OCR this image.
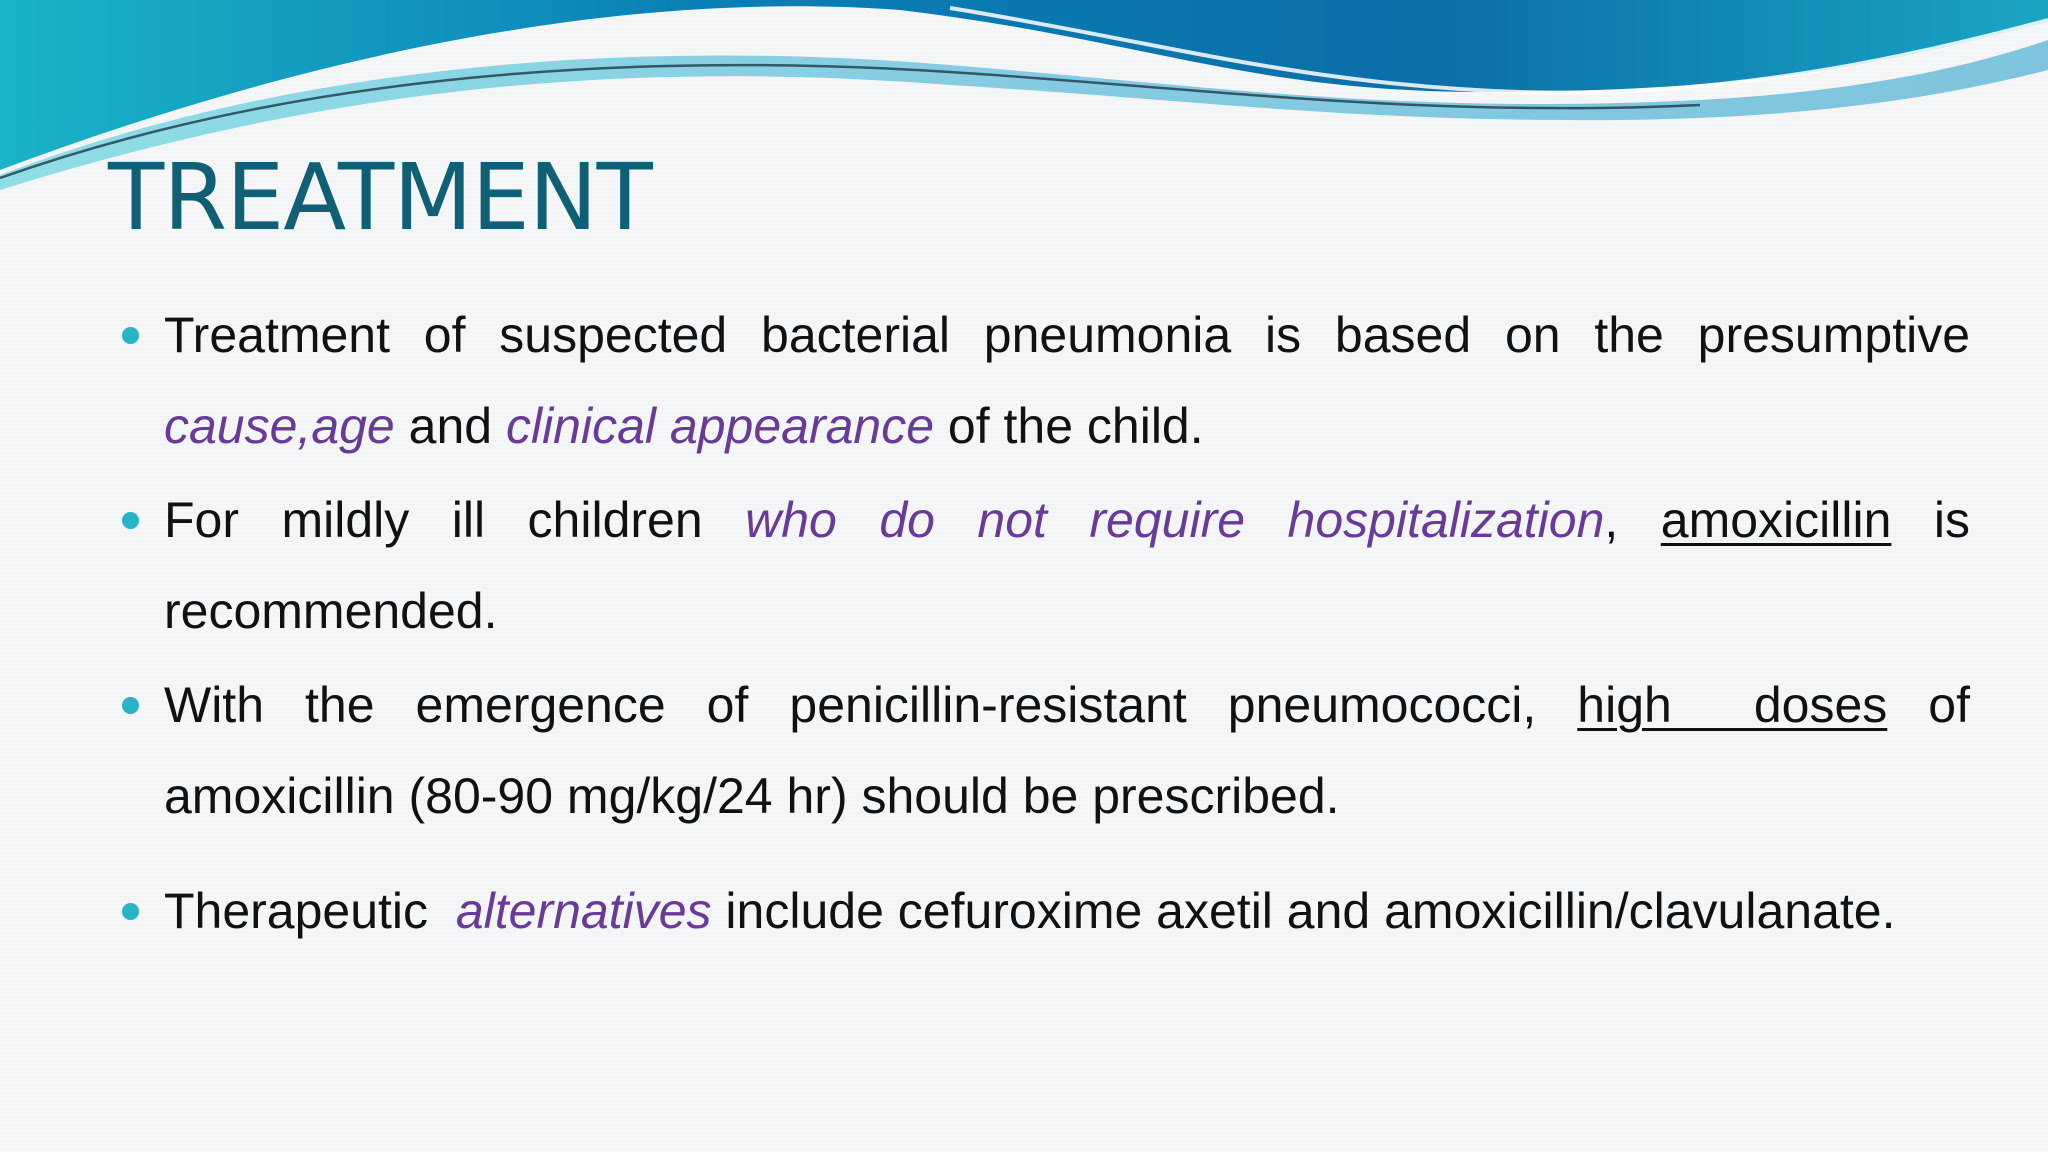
TREATMENT
Treatment of suspected bacterial pneumonia is based on the presumptive cause,age and clinical appearance of the child.
For mildly ill children who do not require hospitalization, amoxicillin is recommended.
With the emergence of penicillin-resistant pneumococci, high  doses of amoxicillin (80-90 mg/kg/24 hr) should be prescribed.
Therapeutic  alternatives include cefuroxime axetil and amoxicillin/clavulanate.
